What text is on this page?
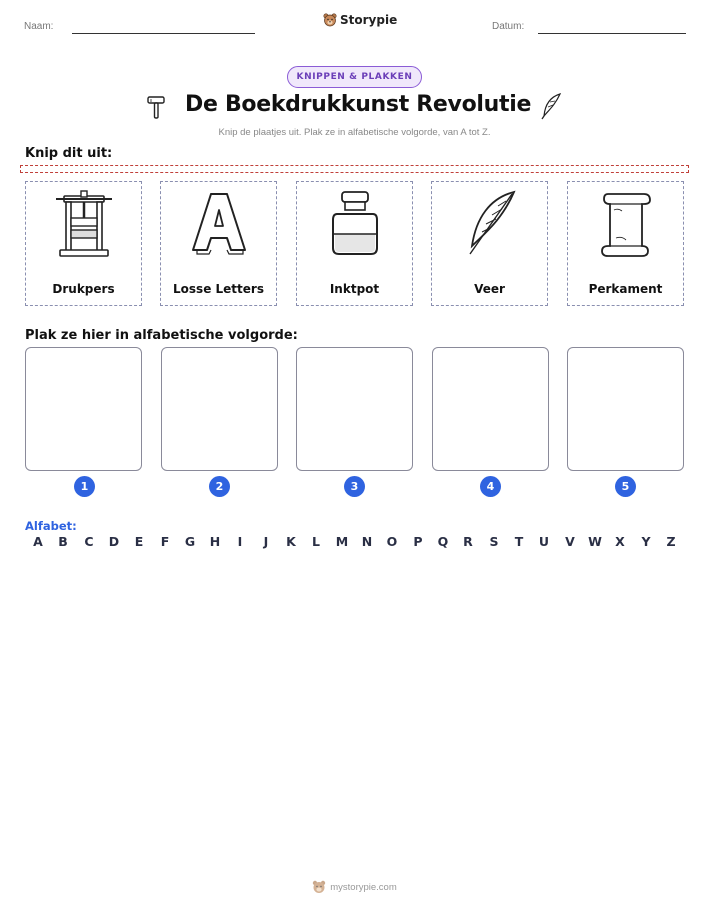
Naam:	Storypie	Datum:
KNIPPEN & PLAKKEN
De Boekdrukkunst Revolutie
Knip de plaatjes uit. Plak ze in alfabetische volgorde, van A tot Z.
Knip dit uit:
Drukpers	Losse Letters	Inktpot	Veer	Perkament
Plak ze hier in alfabetische volgorde:
1	2	3	4	5
Alfabet:
A	B	C	D	E	F	G	H	I	J	K	L	M	N	O	P	Q	R	S	T	U	V	W	X	Y	Z
mystorypie.com
